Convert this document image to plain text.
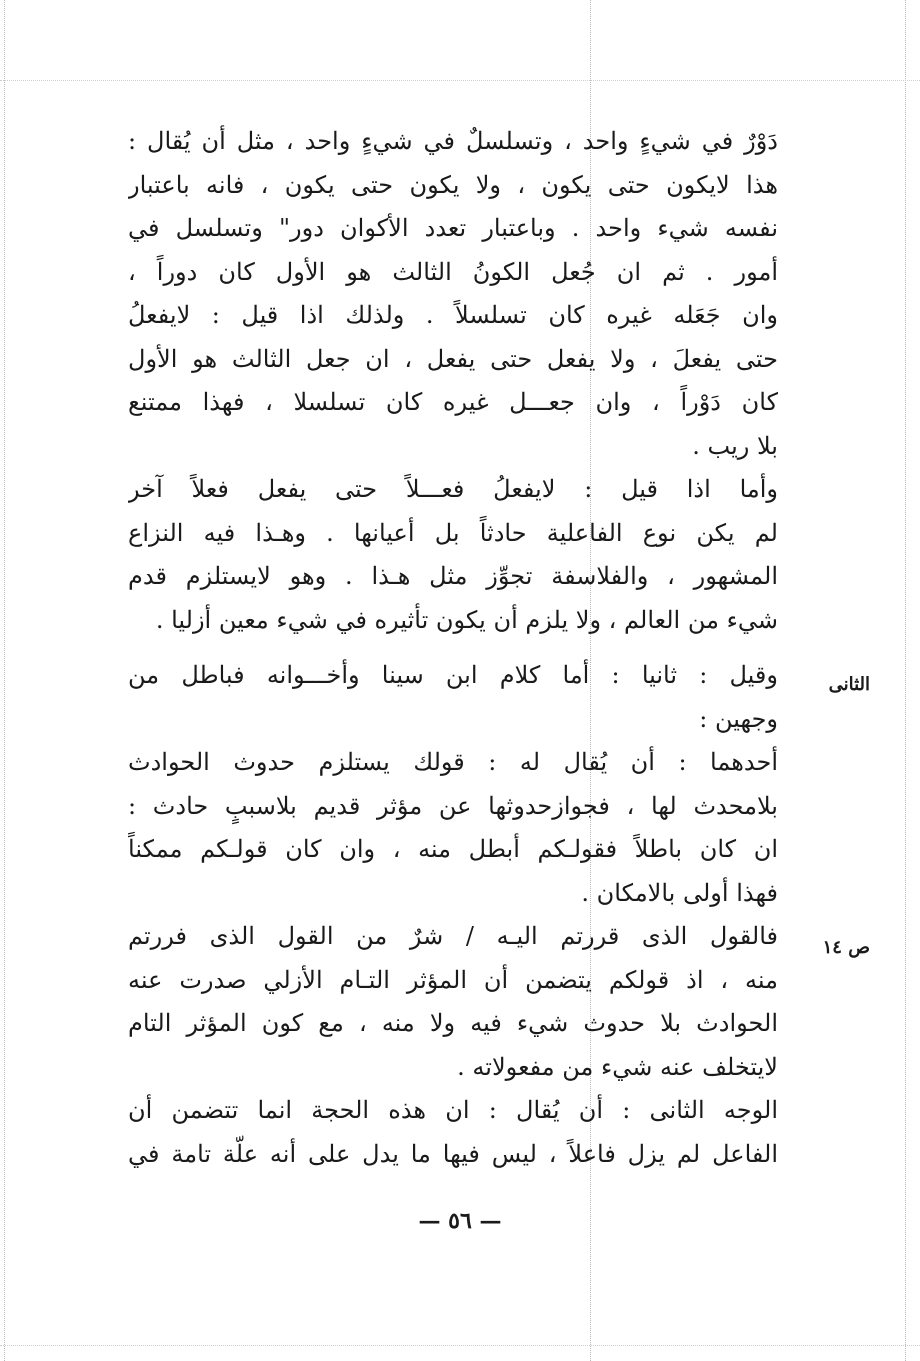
دَوْرٌ في شيءٍ واحد ، وتسلسلٌ في شيءٍ واحد ، مثل أن يُقال :
هذا لايكون حتى يكون ، ولا يكون حتى يكون ، فانه باعتبار
نفسه شيء واحد . وباعتبار تعدد الأكوان دور" وتسلسل في
أمور . ثم ان جُعل الكونُ الثالث هو الأول كان دوراً ،
وان جَعَله غيره كان تسلسلاً . ولذلك اذا قيل : لايفعلُ
حتى يفعلَ ، ولا يفعل حتى يفعل ، ان جعل الثالث هو الأول
كان دَوْراً ، وان جعـــل غيره كان تسلسلا ، فهذا ممتنع
بلا ريب .
وأما اذا قيل : لايفعلُ فعـــلاً حتى يفعل فعلاً آخر
لم يكن نوع الفاعلية حادثاً بل أعيانها . وهـذا فيه النزاع
المشهور ، والفلاسفة تجوِّز مثل هـذا . وهو لايستلزم قدم
شيء من العالم ، ولا يلزم أن يكون تأثيره في شيء معين أزليا .
وقيل : ثانيا : أما كلام ابن سينا وأخـــوانه فباطل من
وجهين :
أحدهما : أن يُقال له : قولك يستلزم حدوث الحوادث
بلامحدث لها ، فجوازحدوثها عن مؤثر قديم بلاسببٍ حادث :
ان كان باطلاً فقولـكم أبطل منه ، وان كان قولـكم ممكناً
فهذا أولى بالامكان .
فالقول الذى قررتم اليـه / شرٌ من القول الذى فررتم
منه ، اذ قولكم يتضمن أن المؤثر التـام الأزلي صدرت عنه
الحوادث بلا حدوث شيء فيه ولا منه ، مع كون المؤثر التام
لايتخلف عنه شيء من مفعولاته .
الوجه الثانى : أن يُقال : ان هذه الحجة انما تتضمن أن
الفاعل لم يزل فاعلاً ، ليس فيها ما يدل على أنه علّة تامة في
الثانى
ص ١٤
— ٥٦ —
